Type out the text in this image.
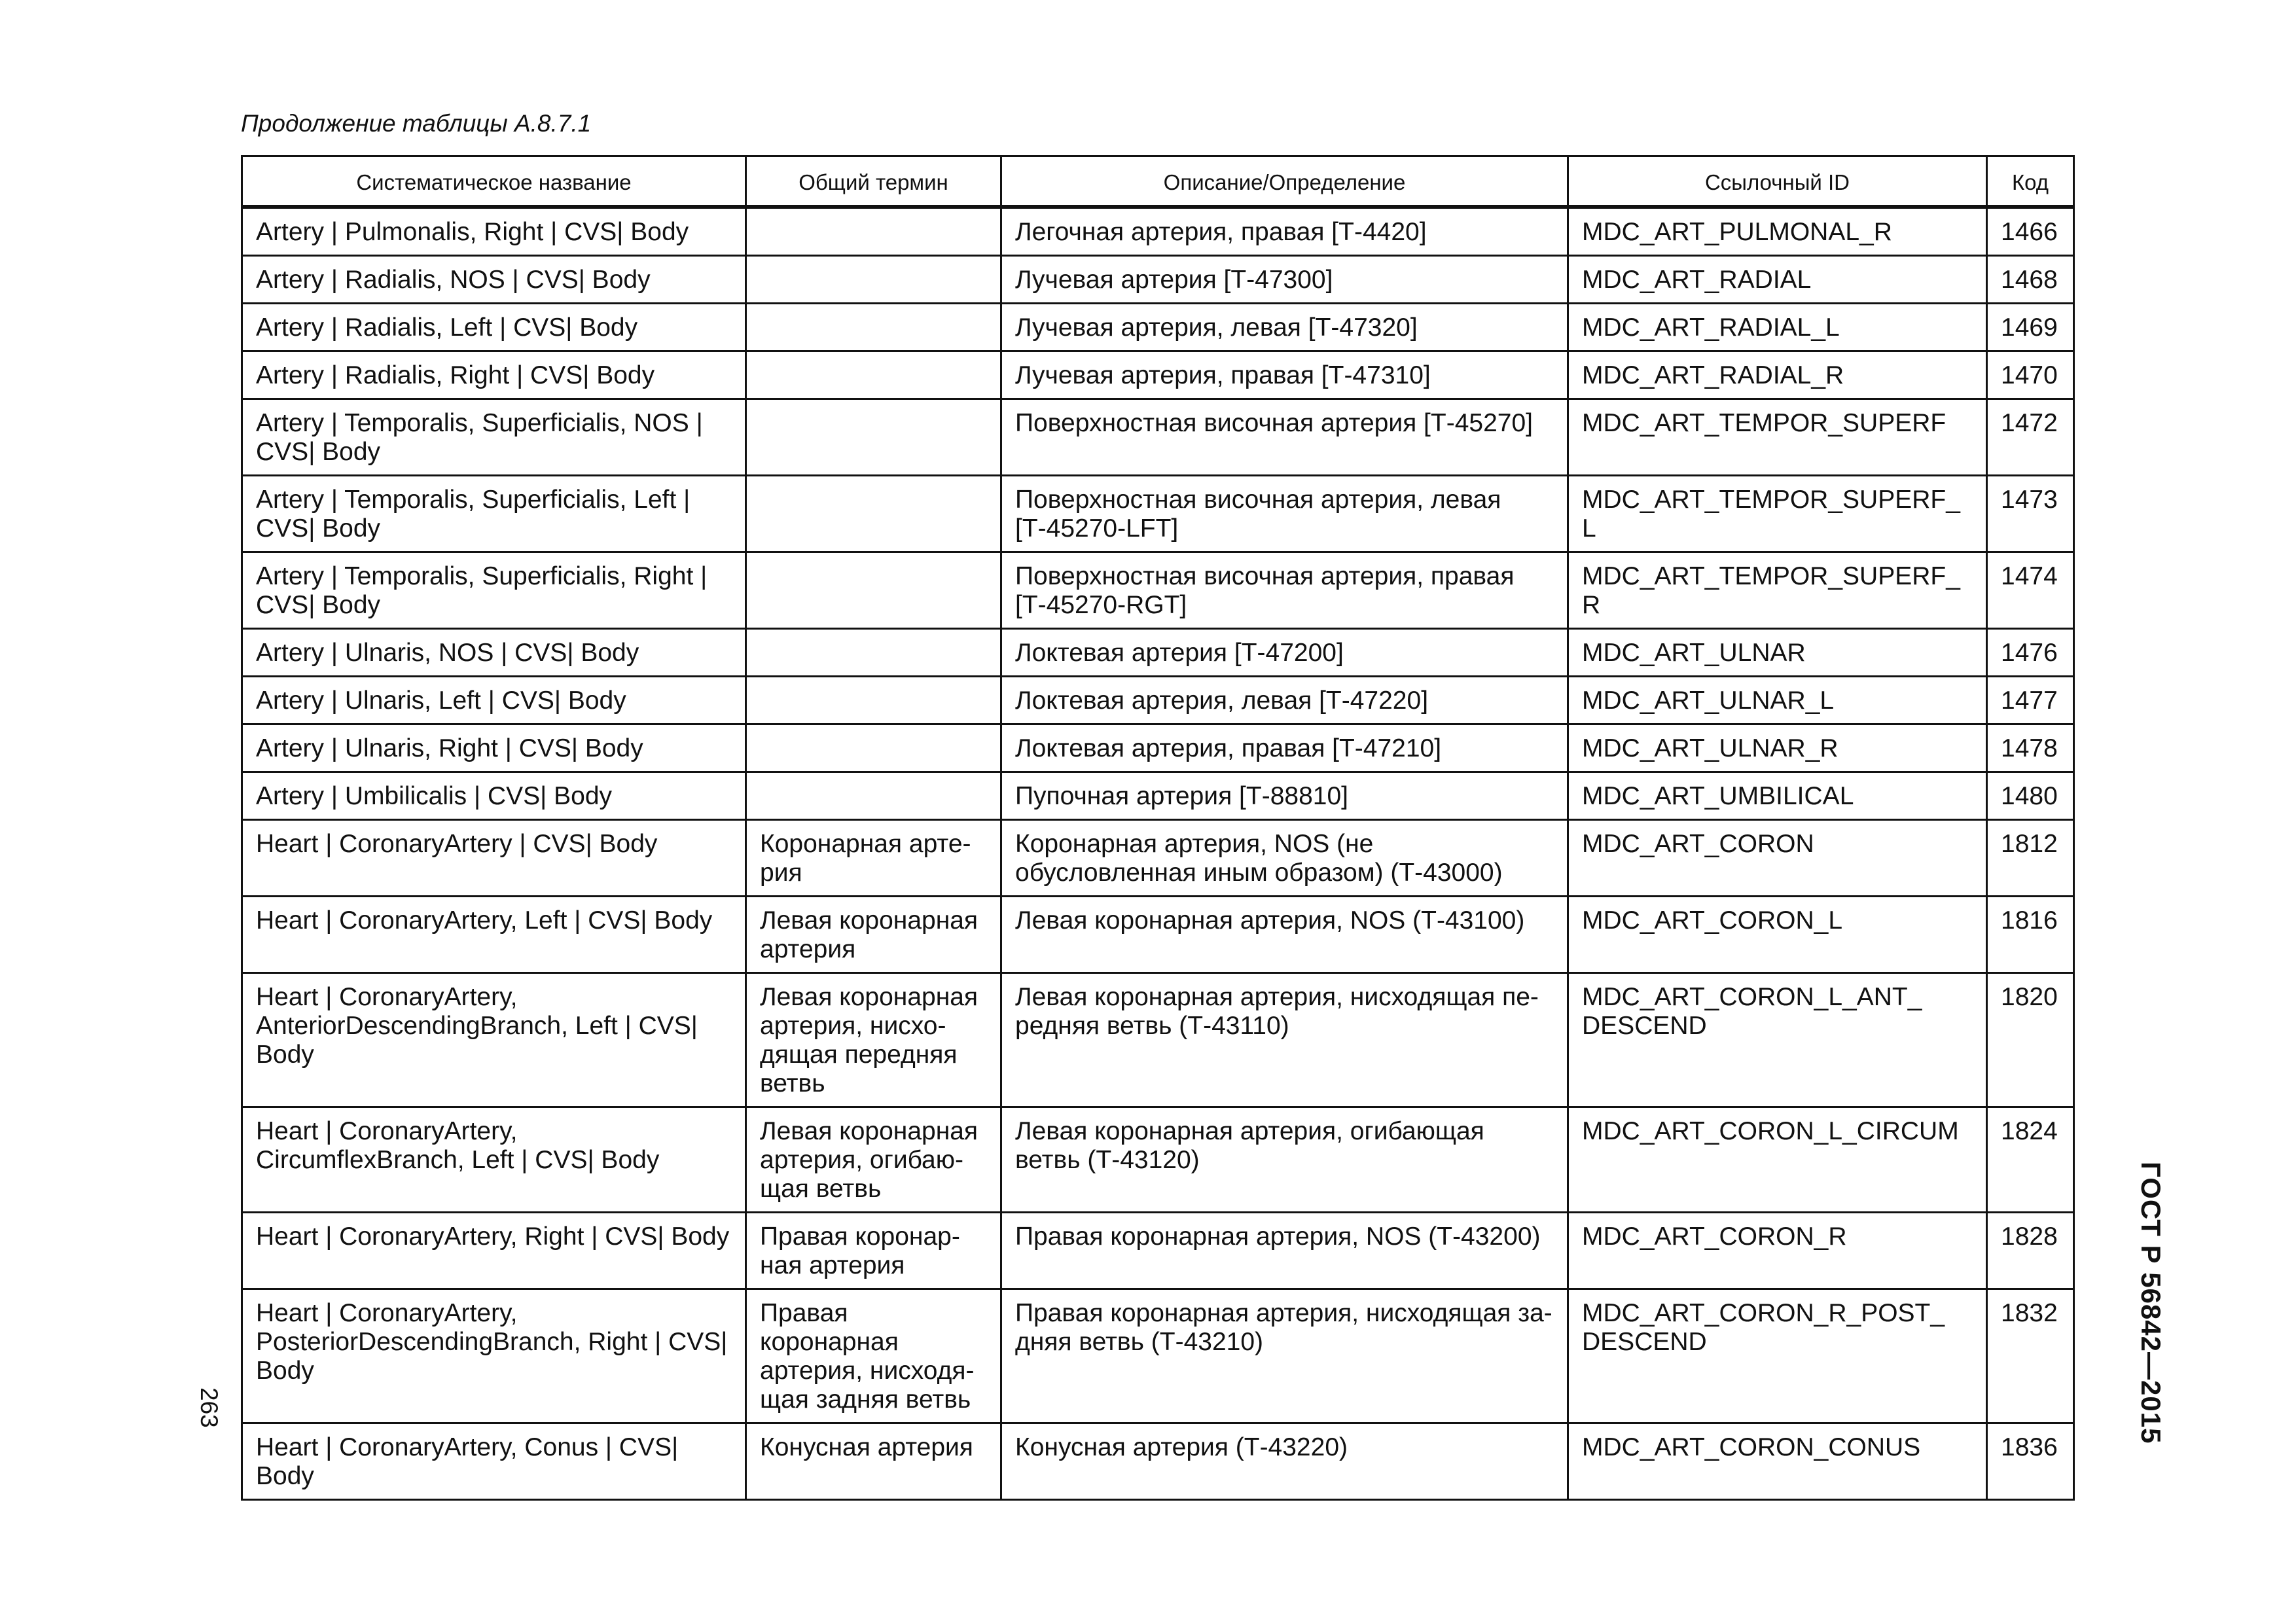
Продолжение таблицы А.8.7.1

Систематическое название	Общий термин	Описание/Определение	Ссылочный ID	Код
Artery | Pulmonalis, Right | CVS| Body		Легочная артерия, правая [Т-4420]	MDC_ART_PULMONAL_R	1466
Artery | Radialis, NOS | CVS| Body		Лучевая артерия [Т-47300]	MDC_ART_RADIAL	1468
Artery | Radialis, Left | CVS| Body		Лучевая артерия, левая [Т-47320]	MDC_ART_RADIAL_L	1469
Artery | Radialis, Right | CVS| Body		Лучевая артерия, правая [Т-47310]	MDC_ART_RADIAL_R	1470
Artery | Temporalis, Superficialis, NOS | CVS| Body		Поверхностная височная артерия [Т-45270]	MDC_ART_TEMPOR_SUPERF	1472
Artery | Temporalis, Superficialis, Left | CVS| Body		Поверхностная височная артерия, левая [Т-45270-LFT]	MDC_ART_TEMPOR_SUPERF_L	1473
Artery | Temporalis, Superficialis, Right | CVS| Body		Поверхностная височная артерия, правая [Т-45270-RGT]	MDC_ART_TEMPOR_SUPERF_R	1474
Artery | Ulnaris, NOS | CVS| Body		Локтевая артерия [Т-47200]	MDC_ART_ULNAR	1476
Artery | Ulnaris, Left | CVS| Body		Локтевая артерия, левая [Т-47220]	MDC_ART_ULNAR_L	1477
Artery | Ulnaris, Right | CVS| Body		Локтевая артерия, правая [Т-47210]	MDC_ART_ULNAR_R	1478
Artery | Umbilicalis | CVS| Body		Пупочная артерия [Т-88810]	MDC_ART_UMBILICAL	1480
Heart | CoronaryArtery | CVS| Body	Коронарная арте-рия	Коронарная артерия, NOS (не обусловленная иным образом) (Т-43000)	MDC_ART_CORON	1812
Heart | CoronaryArtery, Left | CVS| Body	Левая коронарная артерия	Левая коронарная артерия, NOS (Т-43100)	MDC_ART_CORON_L	1816
Heart | CoronaryArtery, AnteriorDescendingBranch, Left | CVS| Body	Левая коронарная артерия, нисхо-дящая передняя ветвь	Левая коронарная артерия, нисходящая пе-редняя ветвь (Т-43110)	MDC_ART_CORON_L_ANT_ DESCEND	1820
Heart | CoronaryArtery, CircumflexBranch, Left | CVS| Body	Левая коронарная артерия, огибаю-щая ветвь	Левая коронарная артерия, огибающая ветвь (Т-43120)	MDC_ART_CORON_L_CIRCUM	1824
Heart | CoronaryArtery, Right | CVS| Body	Правая коронар-ная артерия	Правая коронарная артерия, NOS (Т-43200)	MDC_ART_CORON_R	1828
Heart | CoronaryArtery, PosteriorDescendingBranch, Right | CVS| Body	Правая коронарная артерия, нисходя-щая задняя ветвь	Правая коронарная артерия, нисходящая за-дняя ветвь (Т-43210)	MDC_ART_CORON_R_POST_ DESCEND	1832
Heart | CoronaryArtery, Conus | CVS| Body	Конусная артерия	Конусная артерия (Т-43220)	MDC_ART_CORON_CONUS	1836
ГОСТ Р 56842—2015
263
